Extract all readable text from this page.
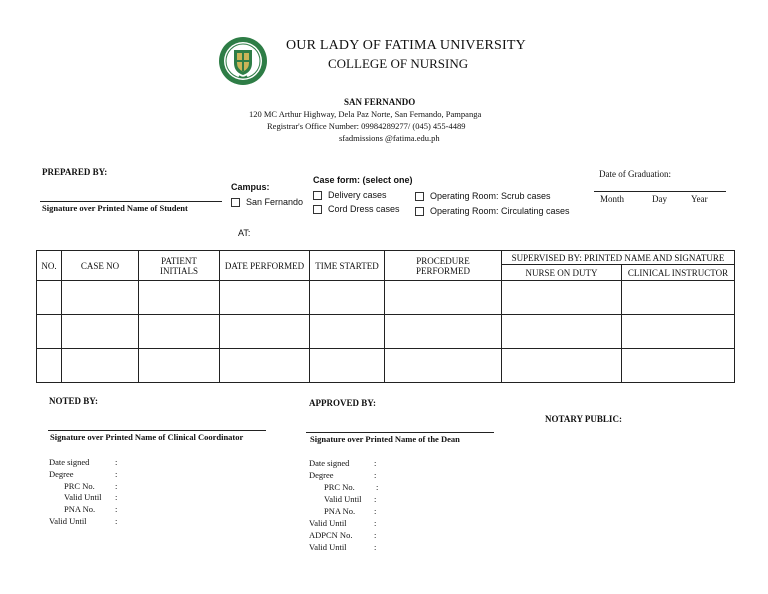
OUR LADY OF FATIMA UNIVERSITY
COLLEGE OF NURSING
SAN FERNANDO
120 MC Arthur Highway, Dela Paz Norte, San Fernando, Pampanga
Registrar's Office Number: 09984289277/ (045) 455-4489
sfadmissions @fatima.edu.ph
PREPARED BY:
Signature over Printed Name of Student
Campus:
San Fernando
Case form: (select one)
Delivery cases
Cord Dress cases
Operating Room: Scrub cases
Operating Room: Circulating cases
AT:
Date of Graduation:
Month	Day	Year
NO.	CASE NO	PATIENT INITIALS	DATE PERFORMED	TIME STARTED	PROCEDURE PERFORMED	SUPERVISED BY: PRINTED NAME AND SIGNATURE	
						NURSE ON DUTY	CLINICAL INSTRUCTOR

NOTED BY:
Signature over Printed Name of Clinical Coordinator
Date signed	:
Degree	:
PRC No. :
Valid Until :
PNA No. :
Valid Until	:
APPROVED BY:
Signature over Printed Name of the Dean
Date signed	:
Degree	:
PRC No.	:
Valid Until :
PNA No. :
Valid Until	:
ADPCN No.	:
Valid Until	:
NOTARY PUBLIC:
